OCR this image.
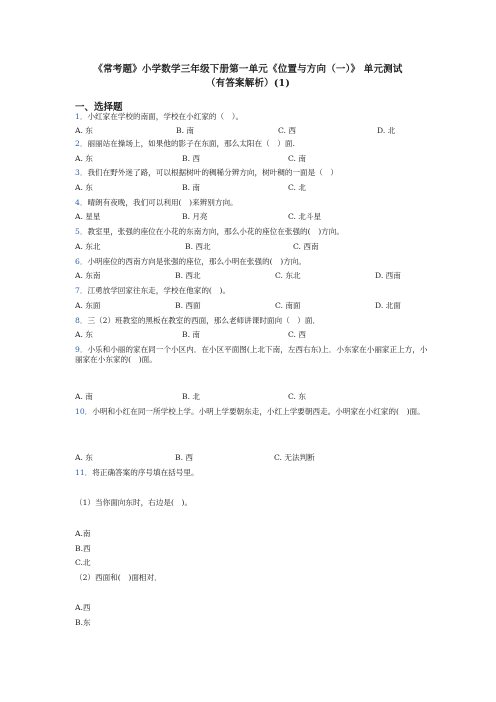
《常考题》小学数学三年级下册第一单元《位置与方向（一）》 单元测试
（有答案解析）(1)
一、选择题
1．小红家在学校的南面，学校在小红家的（　）。
A. 东	B. 南	C. 西	D. 北
2．丽丽站在操场上，如果他的影子在东面，那么太阳在（　）面.
A. 东	B. 西	C. 南
3．我们在野外迷了路，可以根据树叶的稠稀分辨方向，树叶稠的一面是（　）
A. 东	B. 南	C. 北
4．晴朗有夜晚，我们可以利用(　)来辨别方向。
A. 星星	B. 月亮	C. 北斗星
5．教室里，张强的座位在小花的东南方向，那么小花的座位在张强的(　)方向。
A. 东北	B. 西北	C. 西南
6．小明座位的西南方向是张强的座位，那么小明在张强的(　)方向。
A. 东南	B. 西北	C. 东北	D. 西南
7．江勇放学回家往东走，学校在他家的(　)。
A. 东面	B. 西面	C. 南面	D. 北面
8．三（2）班教室的黑板在教室的西面，那么老师讲课时面向（　）面．
A. 东	B. 南	C. 西
9．小乐和小丽的家在同一个小区内．在小区平面图(上北下南，左西右东)上．小东家在小丽家正上方，小丽家在小东家的(　)面。
A. 南	B. 北	C. 东
10．小明和小红在同一所学校上学。小明上学要朝东走，小红上学要朝西走。小明家在小红家的(　)面。
A. 东	B. 西	C. 无法判断
11．将正确答案的序号填在括号里。
（1）当你面向东时，右边是(　)。
A.南
B.西
C.北
（2）西面和(　)面相对．
A.西
B.东
